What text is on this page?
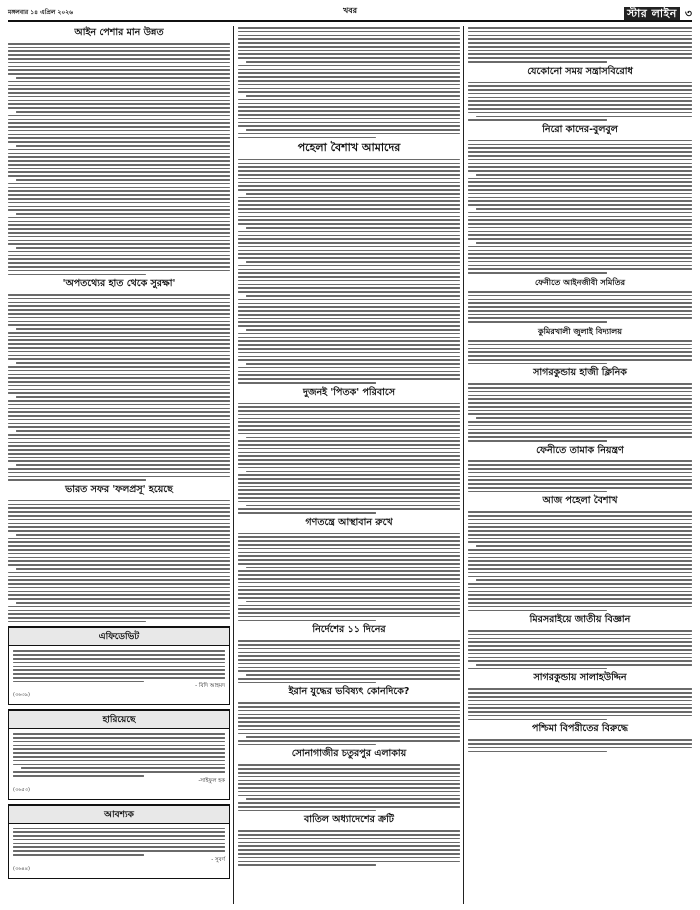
মঙ্গলবার ১৪ এপ্রিল ২০২৬	খবর	স্টার লাইন ৩
আইন পেশার মান উন্নত
'অপতথ্যের হাত থেকে সুরক্ষা'
ভারত সফর 'ফলপ্রসূ' হয়েছে
এফিডেভিট
- বিদি আহমদ
(৩৬৩৯)
হারিয়েছে
-সাইফুল হক
(৩৬৫৩)
আবশ্যক
- সুবর্ণ
(৩৬৪৪)
পহেলা বৈশাখ আমাদের
দুজনই 'পিতক' পরিবাসে
গণতন্ত্রে আস্থাবান রুখে
নির্দেশের ১১ দিনের
ইরান যুদ্ধের ভবিষ্যৎ কোনদিকে?
সোনাগাজীর চতুরপুর এলাকায়
বাতিল অধ্যাদেশের ক্রটি
যেকোনো সময় সন্ত্রাসবিরোধ
নিরো কাদের-বুলবুল
ফেনীতে আইনজীবী সমিতির
কুমিরখালী জুলাই বিদ্যালয়
সাগরকুন্ডায় হাজী ক্লিনিক
ফেনীতে তামাক নিয়ন্ত্রণ
আজ পহেলা বৈশাখ
মিরসরাইয়ে জাতীয় বিজ্ঞান
সাগরকুন্ডায় সালাহউদ্দিন
পশ্চিমা বিপরীতের বিরুদ্ধে
